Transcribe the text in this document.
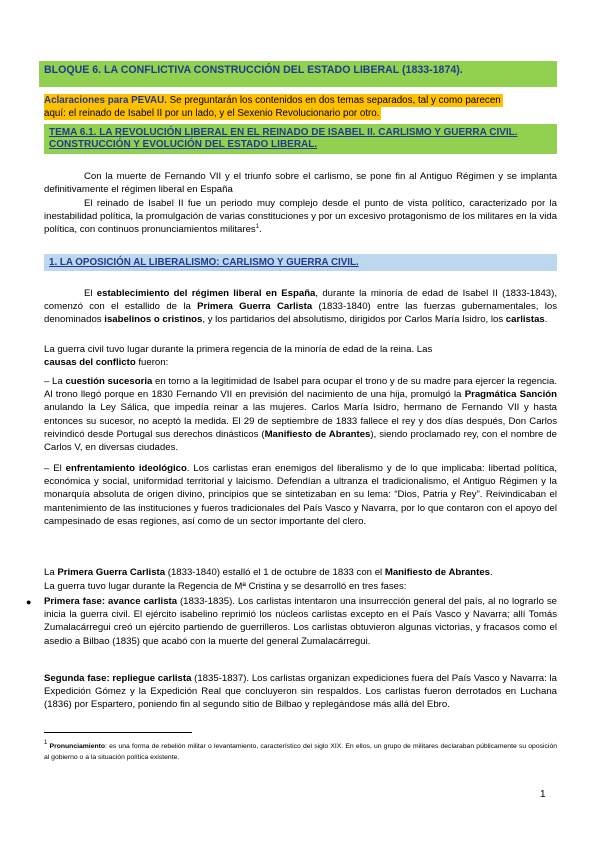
BLOQUE 6. LA CONFLICTIVA CONSTRUCCIÓN DEL ESTADO LIBERAL (1833-1874).
Aclaraciones para PEVAU. Se preguntarán los contenidos en dos temas separados, tal y como parecen
aquí: el reinado de Isabel II por un lado, y el Sexenio Revolucionario por otro.
TEMA 6.1. LA REVOLUCIÓN LIBERAL EN EL REINADO DE ISABEL II. CARLISMO Y GUERRA CIVIL.
CONSTRUCCIÓN Y EVOLUCIÓN DEL ESTADO LIBERAL.
Con la muerte de Fernando VII y el triunfo sobre el carlismo, se pone fin al Antiguo Régimen y se implanta definitivamente el régimen liberal en España
El reinado de Isabel II fue un periodo muy complejo desde el punto de vista político, caracterizado por la inestabilidad política, la promulgación de varias constituciones y por un excesivo protagonismo de los militares en la vida política, con continuos pronunciamientos militares$^1$.
1. LA OPOSICIÓN AL LIBERALISMO: CARLISMO Y GUERRA CIVIL.
El establecimiento del régimen liberal en España, durante la minoría de edad de Isabel II (1833-1843), comenzó con el estallido de la Primera Guerra Carlista (1833-1840) entre las fuerzas gubernamentales, los denominados isabelinos o cristinos, y los partidarios del absolutismo, dirigidos por Carlos María Isidro, los carlistas.
La guerra civil tuvo lugar durante la primera regencia de la minoría de edad de la reina. Las
causas del conflicto fueron:
– La cuestión sucesoria en torno a la legitimidad de Isabel para ocupar el trono y de su madre para ejercer la regencia. Al trono llegó porque en 1830 Fernando VII en previsión del nacimiento de una hija, promulgó la Pragmática Sanción anulando la Ley Sálica, que impedía reinar a las mujeres. Carlos María Isidro, hermano de Fernando VII y hasta entonces su sucesor, no aceptó la medida. El 29 de septiembre de 1833 fallece el rey y dos días después, Don Carlos reivindicó desde Portugal sus derechos dinásticos (Manifiesto de Abrantes), siendo proclamado rey, con el nombre de Carlos V, en diversas ciudades.
– El enfrentamiento ideológico. Los carlistas eran enemigos del liberalismo y de lo que implicaba: libertad política, económica y social, uniformidad territorial y laicismo. Defendían a ultranza el tradicionalismo, el Antiguo Régimen y la monarquía absoluta de origen divino, principios que se sintetizaban en su lema: “Dios, Patria y Rey”. Reivindicaban el mantenimiento de las instituciones y fueros tradicionales del País Vasco y Navarra, por lo que contaron con el apoyo del campesinado de esas regiones, así como de un sector importante del clero.
La Primera Guerra Carlista (1833-1840) estalló el 1 de octubre de 1833 con el Manifiesto de Abrantes.
La guerra tuvo lugar durante la Regencia de Mª Cristina y se desarrolló en tres fases:
● Primera fase: avance carlista (1833-1835). Los carlistas intentaron una insurrección general del país, al no lograrlo se inicia la guerra civil. El ejército isabelino reprimió los núcleos carlistas excepto en el País Vasco y Navarra; allí Tomás Zumalacárregui creó un ejército partiendo de guerrilleros. Los carlistas obtuvieron algunas victorias, y fracasos como el asedio a Bilbao (1835) que acabó con la muerte del general Zumalacárregui.
Segunda fase: repliegue carlista (1835-1837). Los carlistas organizan expediciones fuera del País Vasco y Navarra: la Expedición Gómez y la Expedición Real que concluyeron sin respaldos. Los carlistas fueron derrotados en Luchana (1836) por Espartero, poniendo fin al segundo sitio de Bilbao y replegándose más allá del Ebro.
1 Pronunciamiento: es una forma de rebelión militar o levantamiento, característico del siglo XIX. En ellos, un grupo de militares declaraban públicamente su oposición al gobierno o a la situación política existente.
1
